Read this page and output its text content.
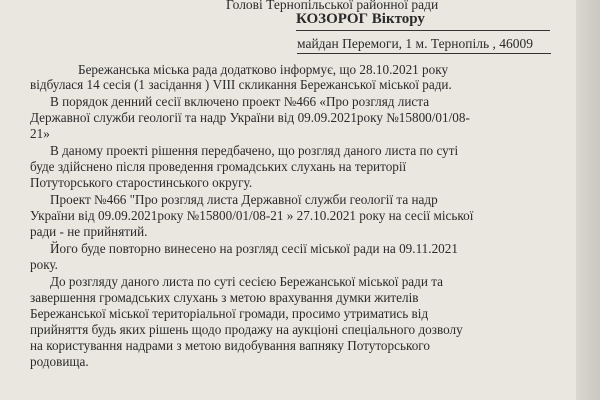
Голові Тернопільської районної ради
КОЗОРОГ Віктору
майдан Перемоги, 1 м. Тернопіль , 46009
Бережанська міська рада додатково інформує, що 28.10.2021 року
відбулася 14 сесія (1 засідання ) VIII скликання Бережанської міської ради.
В порядок денний сесії включено проект №466 «Про розгляд листа
Державної служби геології та надр України від 09.09.2021року №15800/01/08-
21»
В даному проекті рішення передбачено, що розгляд даного листа по суті
буде здійснено після проведення громадських слухань на території
Потуторського старостинського округу.
Проект №466 "Про розгляд листа Державної служби геології та надр
України від 09.09.2021року №15800/01/08-21 » 27.10.2021 року на сесії міської
ради - не прийнятий.
Його буде повторно винесено на розгляд сесії міської ради на 09.11.2021
року.
До розгляду даного листа по суті сесією Бережанської міської ради та
завершення громадських слухань з метою врахування думки жителів
Бережанської міської територіальної громади, просимо утриматись від
прийняття будь яких рішень щодо продажу на аукціоні спеціального дозволу
на користування надрами з метою видобування вапняку Потуторського
родовища.
